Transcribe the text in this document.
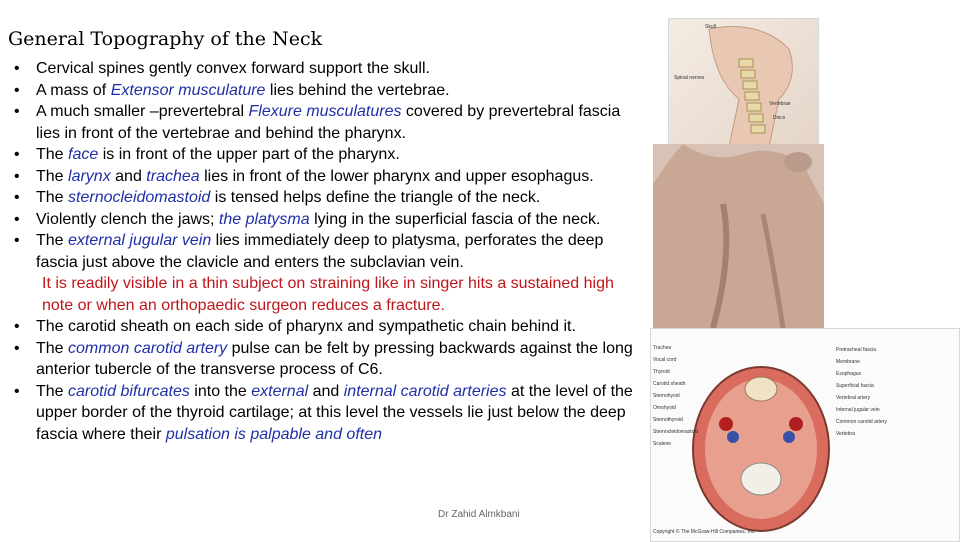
General Topography of the Neck
• Cervical spines gently convex forward support the skull.
• A mass of Extensor musculature lies behind the vertebrae.
• A much smaller –prevertebral Flexure musculatures covered by prevertebral fascia lies in front of the vertebrae and behind the pharynx.
• The face is in front of the upper part of the pharynx.
• The larynx and trachea lies in front of the lower pharynx and upper esophagus.
• The sternocleidomastoid is tensed helps define the triangle of the neck.
• Violently clench the jaws; the platysma lying in the superficial fascia of the neck.
• The external jugular vein lies immediately deep to platysma, perforates the deep fascia just above the clavicle and enters the subclavian vein.
It is readily visible in a thin subject on straining like in singer hits a sustained high note or when an orthopaedic surgeon reduces a fracture.
• The carotid sheath on each side of pharynx and sympathetic chain behind it.
• The common carotid artery pulse can be felt by pressing backwards against the long anterior tubercle of the transverse process of C6.
• The carotid bifurcates into the external and internal carotid arteries at the level of the upper border of the thyroid cartilage; at this level the vessels lie just below the deep fascia where their pulsation is palpable and often
Skull
Spinal nerves
Vertebrae
Discs
Trachea
Vocal cord
Thyroid
Carotid sheath
Sternohyoid
Omohyoid
Sternothyroid
Sternocleidomastoid
Scalene
Pretracheal fascia
Membrane
Esophagus
Superficial fascia
Vertebral artery
Internal jugular vein
Common carotid artery
Vertebra
Copyright © The McGraw-Hill Companies, Inc.
Dr Zahid Almkbani
